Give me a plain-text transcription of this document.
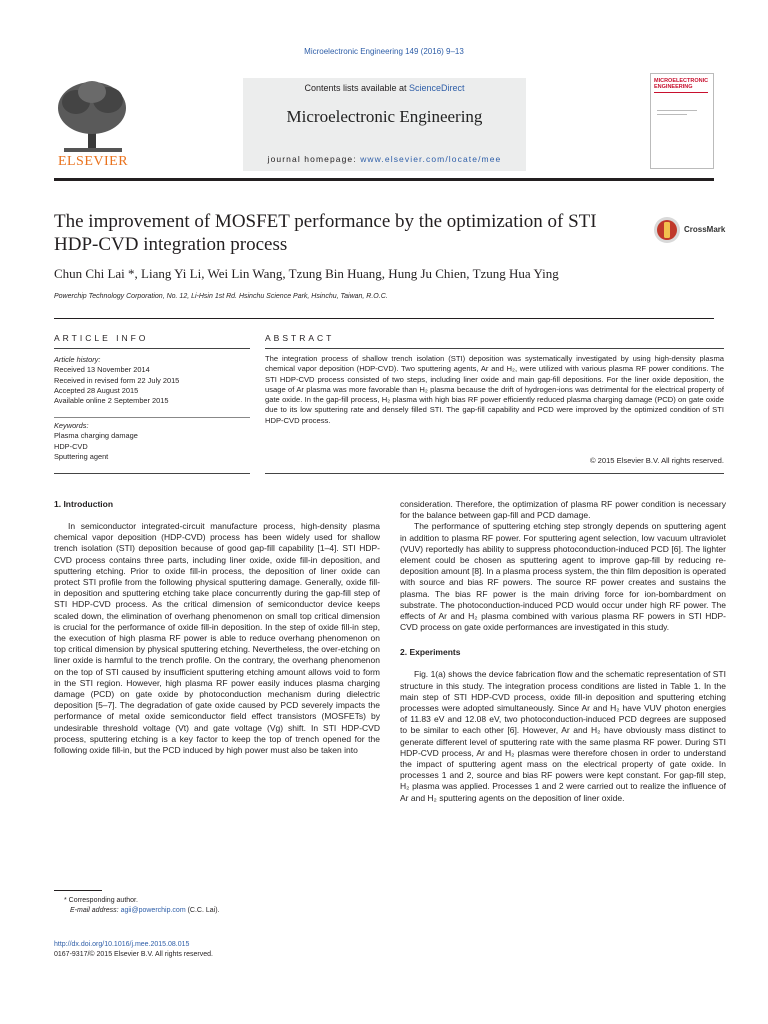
Microelectronic Engineering 149 (2016) 9–13
ELSEVIER
Contents lists available at ScienceDirect
Microelectronic Engineering
journal homepage: www.elsevier.com/locate/mee
MICROELECTRONIC
ENGINEERING
The improvement of MOSFET performance by the optimization of STI HDP-CVD integration process
CrossMark
Chun Chi Lai *, Liang Yi Li, Wei Lin Wang, Tzung Bin Huang, Hung Ju Chien, Tzung Hua Ying
Powerchip Technology Corporation, No. 12, Li-Hsin 1st Rd. Hsinchu Science Park, Hsinchu, Taiwan, R.O.C.
ARTICLE INFO	ABSTRACT
Article history:
Received 13 November 2014
Received in revised form 22 July 2015
Accepted 28 August 2015
Available online 2 September 2015
Keywords:
Plasma charging damage
HDP-CVD
Sputtering agent
The integration process of shallow trench isolation (STI) deposition was systematically investigated by using high-density plasma chemical vapor deposition (HDP-CVD). Two sputtering agents, Ar and H₂, were utilized with various plasma RF power conditions. The STI HDP-CVD process consisted of two steps, including liner oxide and main gap-fill depositions. For the liner oxide deposition, the usage of Ar plasma was more favorable than H₂ plasma because the drift of hydrogen-ions was detrimental for the electrical property of gate oxide. In the gap-fill process, H₂ plasma with high bias RF power efficiently reduced plasma charging damage (PCD) on gate oxide due to its low sputtering rate and densely filled STI. The gap-fill capability and PCD were improved by the optimized condition of STI HDP-CVD process.
© 2015 Elsevier B.V. All rights reserved.
1. Introduction

In semiconductor integrated-circuit manufacture process, high-density plasma chemical vapor deposition (HDP-CVD) process has been widely used for shallow trench isolation (STI) deposition because of good gap-fill capability [1–4]. STI HDP-CVD process contains three parts, including liner oxide, oxide fill-in deposition, and sputtering etching. Prior to oxide fill-in process, the deposition of liner oxide can protect STI profile from the following physical sputtering damage. Generally, oxide fill-in deposition and sputtering etching take place concurrently during the gap-fill step of STI HDP-CVD process. As the critical dimension of semiconductor device keeps scaled down, the elimination of overhang phenomenon on small top critical dimension is crucial for the performance of oxide fill-in deposition. In the step of oxide fill-in step, the execution of high plasma RF power is able to reduce overhang phenomenon on top critical dimension by physical sputtering etching. Nevertheless, the over-etching on liner oxide is harmful to the trench profile. On the contrary, the overhang phenomenon on the top of STI caused by insufficient sputtering etching amount allows void to form in the STI region. However, high plasma RF power easily induces plasma charging damage (PCD) on gate oxide by photoconduction mechanism during dielectric deposition [5–7]. The degradation of gate oxide caused by PCD severely impacts the performance of metal oxide semiconductor field effect transistors (MOSFETs) by undesirable threshold voltage (Vt) and gate voltage (Vg) shift. In STI HDP-CVD process, sputtering etching is a key factor to keep the top of trench opened for the following oxide fill-in, but the PCD induced by high power must also be taken into

consideration. Therefore, the optimization of plasma RF power condition is necessary for the balance between gap-fill and PCD damage.

The performance of sputtering etching step strongly depends on sputtering agent in addition to plasma RF power. For sputtering agent selection, low vacuum ultraviolet (VUV) reportedly has ability to suppress photoconduction-induced PCD [6]. The lighter element could be chosen as sputtering agent to improve gap-fill by reducing re-deposition amount [8]. In a plasma process system, the thin film deposition is operated with source and bias RF powers. The source RF power creates and sustains the plasma. The bias RF power is the main driving force for ion-bombardment on substrate. The photoconduction-induced PCD would occur under high RF power. The effects of Ar and H₂ plasma combined with various plasma RF powers in STI HDP-CVD process on gate oxide performances are investigated in this study.

2. Experiments

Fig. 1(a) shows the device fabrication flow and the schematic representation of STI structure in this study. The integration process conditions are listed in Table 1. In the main step of STI HDP-CVD process, oxide fill-in deposition and sputtering etching processes were adopted simultaneously. Since Ar and H₂ have VUV photon energies of 11.83 eV and 12.08 eV, two photoconduction-induced PCD degrees are supposed to be similar to each other [6]. However, Ar and H₂ have obviously mass distinct to generate different level of sputtering rate with the same plasma RF power. During STI HDP-CVD process, Ar and H₂ plasmas were therefore chosen in order to understand the impact of sputtering agent mass on the electrical property of gate oxide. In processes 1 and 2, source and bias RF powers were kept constant. For gap-fill step, H₂ plasma was applied. Processes 1 and 2 were carried out to realize the influence of Ar and H₂ sputtering agents on the deposition of liner oxide.

* Corresponding author.
E-mail address: agii@powerchip.com (C.C. Lai).
http://dx.doi.org/10.1016/j.mee.2015.08.015
0167-9317/© 2015 Elsevier B.V. All rights reserved.
